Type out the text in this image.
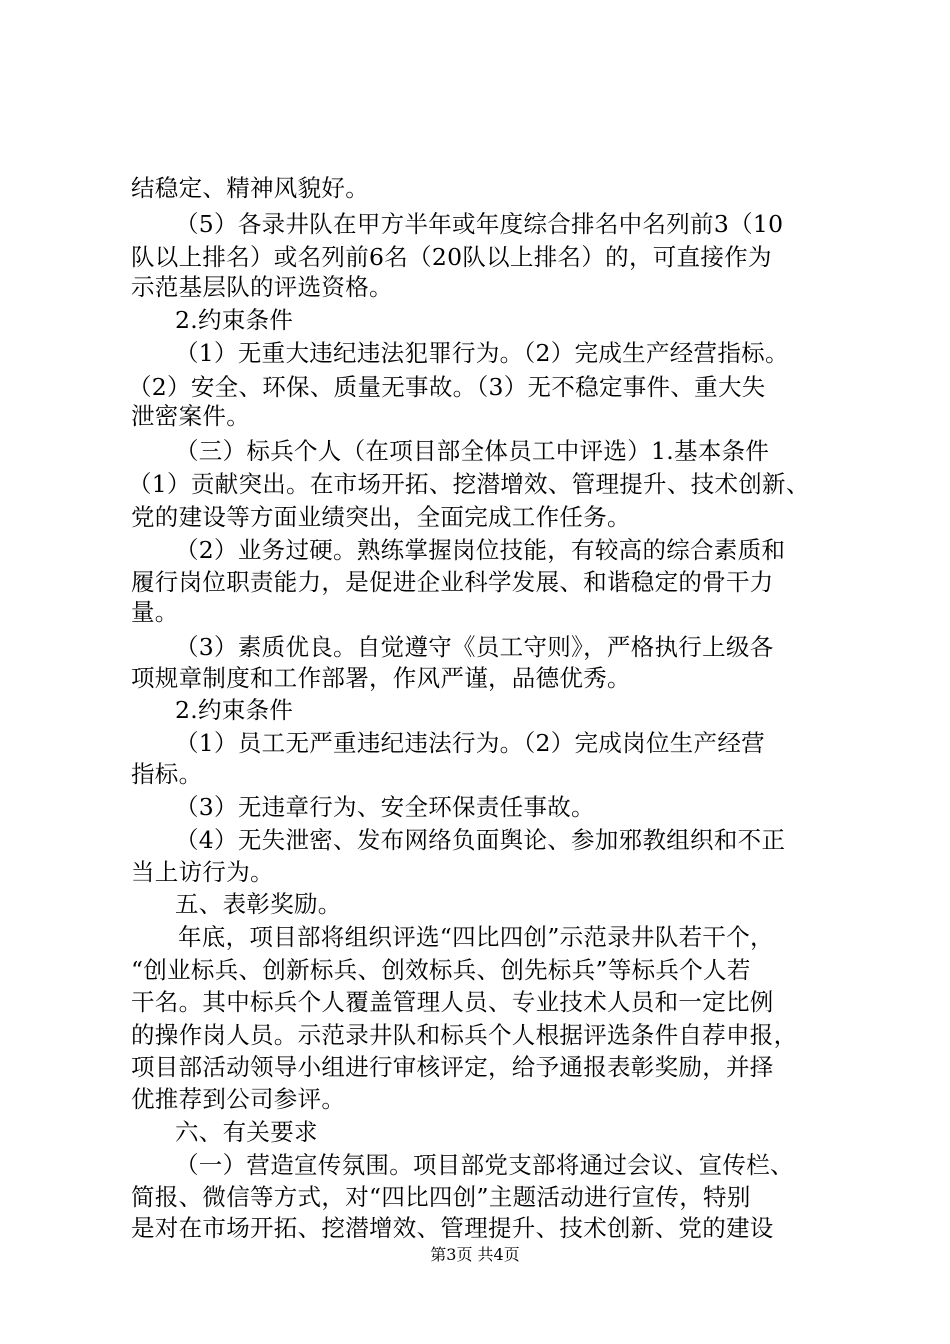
结稳定、精神风貌好。
（5）各录井队在甲方半年或年度综合排名中名列前3（10
队以上排名）或名列前6名（20队以上排名）的，可直接作为
示范基层队的评选资格。
2.约束条件
（1）无重大违纪违法犯罪行为。（2）完成生产经营指标。
（2）安全、环保、质量无事故。（3）无不稳定事件、重大失
泄密案件。
（三）标兵个人（在项目部全体员工中评选）1.基本条件
（1）贡献突出。在市场开拓、挖潜增效、管理提升、技术创新、
党的建设等方面业绩突出，全面完成工作任务。
（2）业务过硬。熟练掌握岗位技能，有较高的综合素质和
履行岗位职责能力，是促进企业科学发展、和谐稳定的骨干力
量。
（3）素质优良。自觉遵守《员工守则》，严格执行上级各
项规章制度和工作部署，作风严谨，品德优秀。
2.约束条件
（1）员工无严重违纪违法行为。（2）完成岗位生产经营
指标。
（3）无违章行为、安全环保责任事故。
（4）无失泄密、发布网络负面舆论、参加邪教组织和不正
当上访行为。
五、表彰奖励。
年底，项目部将组织评选“四比四创”示范录井队若干个，
“创业标兵、创新标兵、创效标兵、创先标兵”等标兵个人若
干名。其中标兵个人覆盖管理人员、专业技术人员和一定比例
的操作岗人员。示范录井队和标兵个人根据评选条件自荐申报，
项目部活动领导小组进行审核评定，给予通报表彰奖励，并择
优推荐到公司参评。
六、有关要求
（一）营造宣传氛围。项目部党支部将通过会议、宣传栏、
简报、微信等方式，对“四比四创”主题活动进行宣传，特别
是对在市场开拓、挖潜增效、管理提升、技术创新、党的建设
第3页 共4页
